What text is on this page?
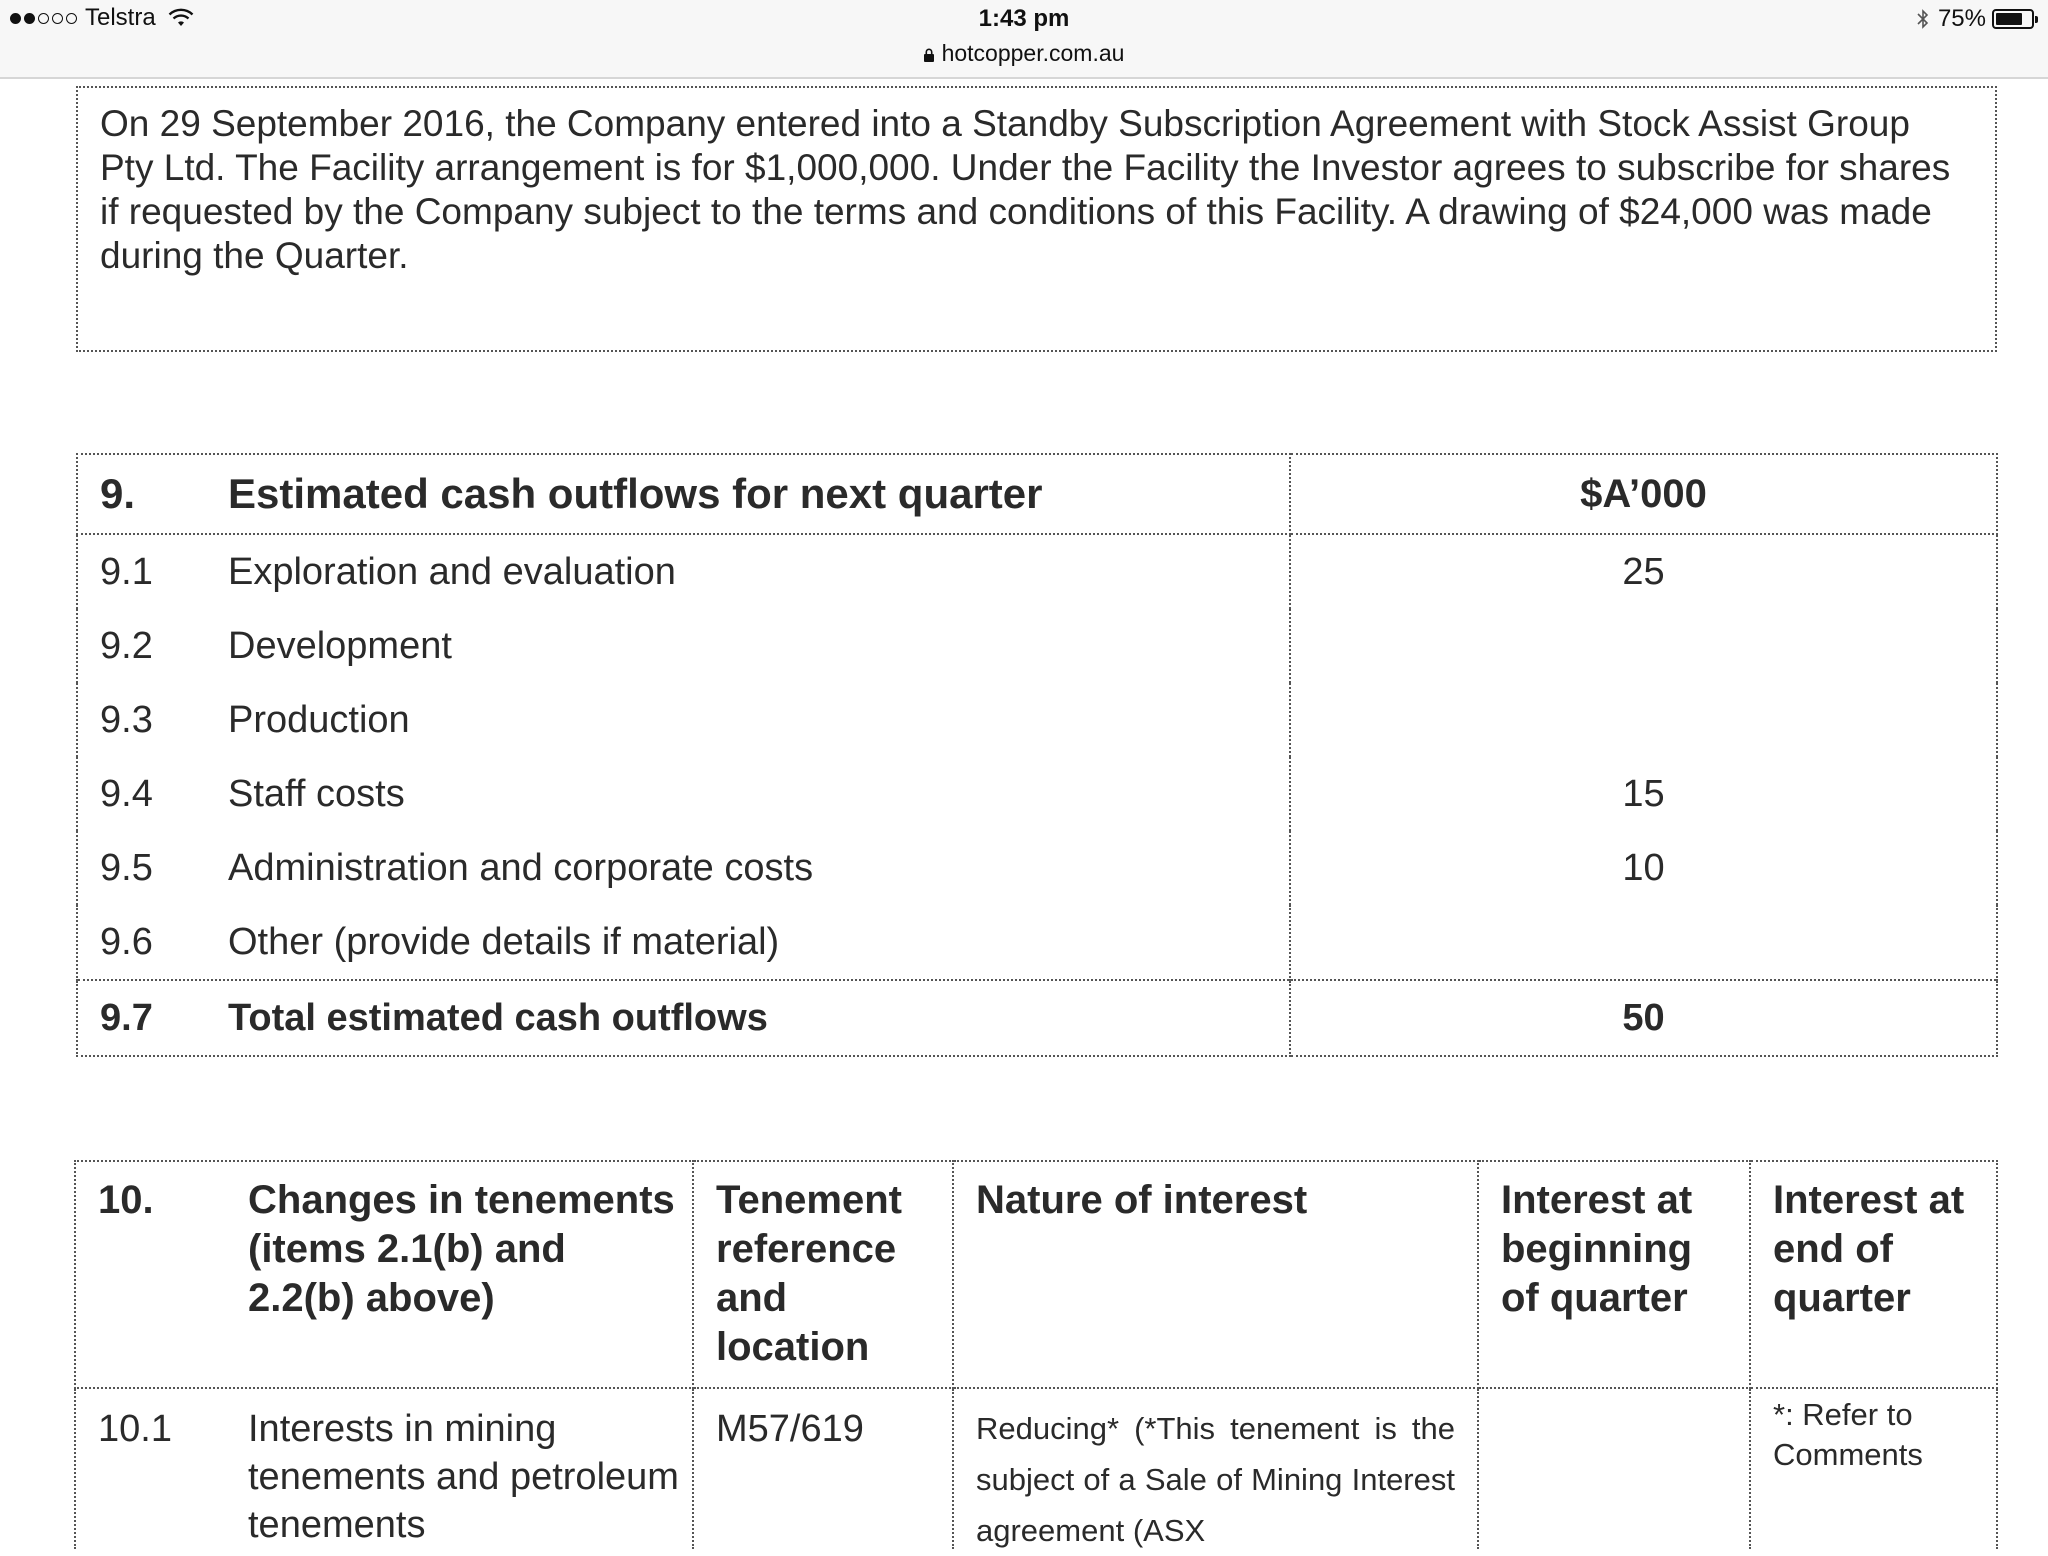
Telstra	1:43 pm
hotcopper.com.au
75%
On 29 September 2016, the Company entered into a Standby Subscription Agreement with Stock Assist Group Pty Ltd. The Facility arrangement is for $1,000,000. Under the Facility the Investor agrees to subscribe for shares if requested by the Company subject to the terms and conditions of this Facility. A drawing of $24,000 was made during the Quarter.
9. Estimated cash outflows for next quarter	$A’000

9.1 Exploration and evaluation	25

9.2 Development	

9.3 Production	

9.4 Staff costs	15

9.5 Administration and corporate costs	10

9.6 Other (provide details if material)	

9.7 Total estimated cash outflows	50
10. Changes in tenements (items 2.1(b) and 2.2(b) above)	Tenement reference and location	Nature of interest	Interest at beginning of quarter	Interest at end of quarter

10.1 Interests in mining tenements and petroleum tenements	M57/619	Reducing* (*This tenement is the subject of a Sale of Mining Interest agreement (ASX		*: Refer to Comments
